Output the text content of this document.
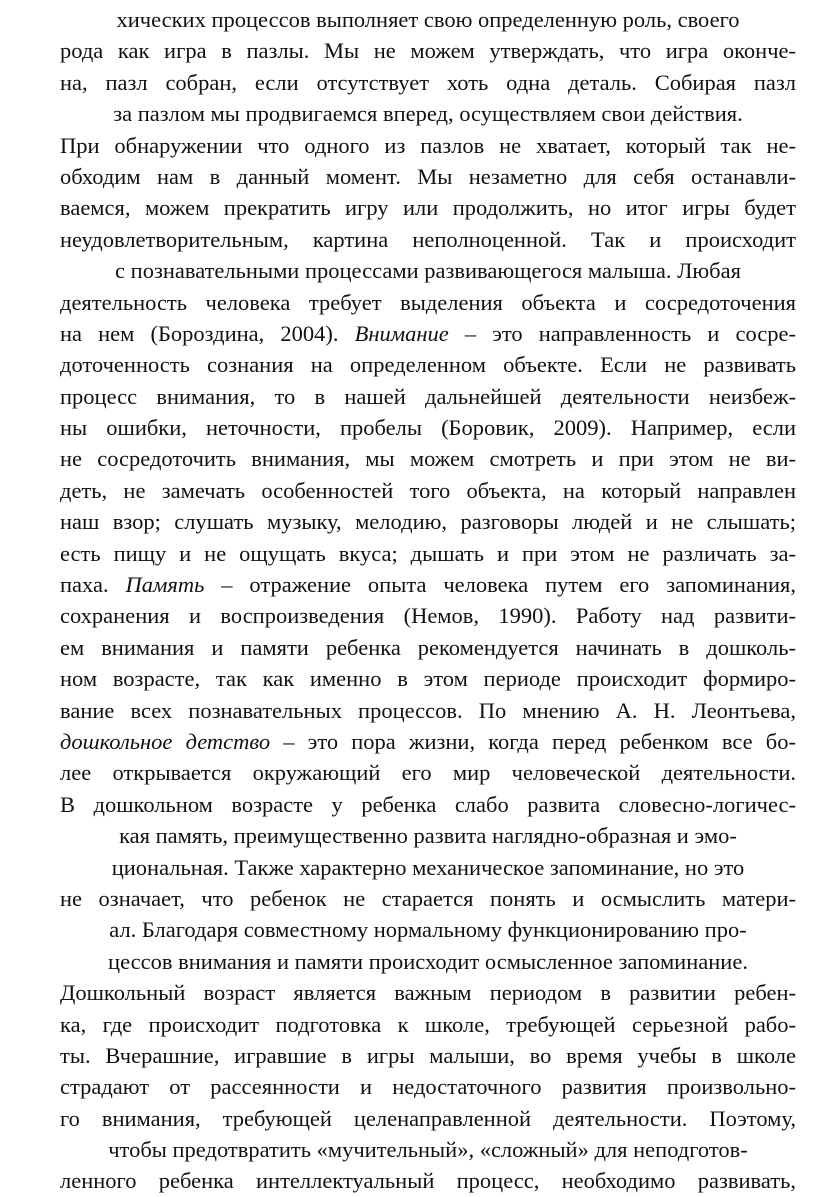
хических процессов выполняет свою определенную роль, своего
рода как игра в пазлы. Мы не можем утверждать, что игра оконче-
на, пазл собран, если отсутствует хоть одна деталь. Собирая пазл
за пазлом мы продвигаемся вперед, осуществляем свои действия.
При обнаружении что одного из пазлов не хватает, который так не-
обходим нам в данный момент. Мы незаметно для себя останавли-
ваемся, можем прекратить игру или продолжить, но итог игры будет
неудовлетворительным, картина неполноценной. Так и происходит
с познавательными процессами развивающегося малыша. Любая
деятельность человека требует выделения объекта и сосредоточения
на нем (Бороздина, 2004). Внимание – это направленность и сосре-
доточенность сознания на определенном объекте. Если не развивать
процесс внимания, то в нашей дальнейшей деятельности неизбеж-
ны ошибки, неточности, пробелы (Боровик, 2009). Например, если
не сосредоточить внимания, мы можем смотреть и при этом не ви-
деть, не замечать особенностей того объекта, на который направлен
наш взор; слушать музыку, мелодию, разговоры людей и не слышать;
есть пищу и не ощущать вкуса; дышать и при этом не различать за-
паха. Память – отражение опыта человека путем его запоминания,
сохранения и воспроизведения (Немов, 1990). Работу над развити-
ем внимания и памяти ребенка рекомендуется начинать в дошколь-
ном возрасте, так как именно в этом периоде происходит формиро-
вание всех познавательных процессов. По мнению А. Н. Леонтьева,
дошкольное детство – это пора жизни, когда перед ребенком все бо-
лее открывается окружающий его мир человеческой деятельности.
В дошкольном возрасте у ребенка слабо развита словесно-логичес-
кая память, преимущественно развита наглядно-образная и эмо-
циональная. Также характерно механическое запоминание, но это
не означает, что ребенок не старается понять и осмыслить матери-
ал. Благодаря совместному нормальному функционированию про-
цессов внимания и памяти происходит осмысленное запоминание.
Дошкольный возраст является важным периодом в развитии ребен-
ка, где происходит подготовка к школе, требующей серьезной рабо-
ты. Вчерашние, игравшие в игры малыши, во время учебы в школе
страдают от рассеянности и недостаточного развития произвольно-
го внимания, требующей целенаправленной деятельности. Поэтому,
чтобы предотвратить «мучительный», «сложный» для неподготов-
ленного ребенка интеллектуальный процесс, необходимо развивать,
